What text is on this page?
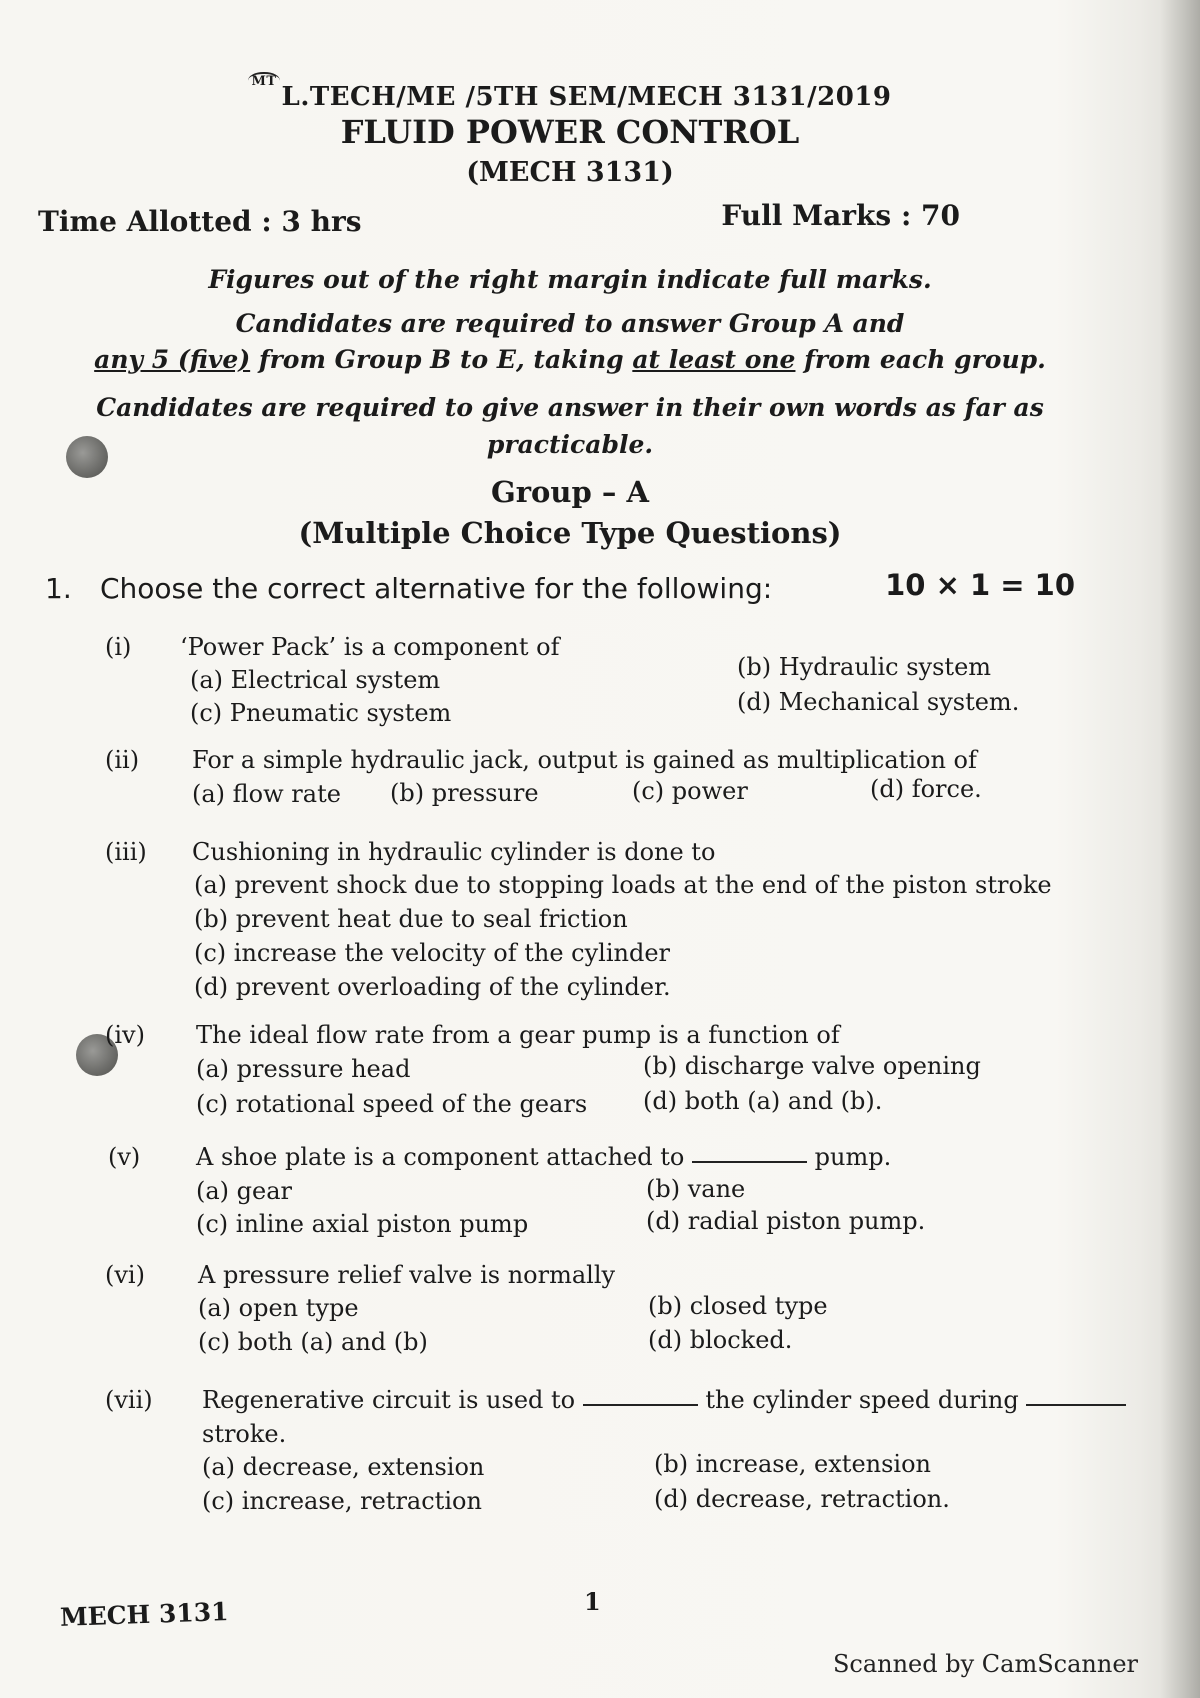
MTL.TECH/ME /5TH SEM/MECH 3131/2019
FLUID POWER CONTROL
(MECH 3131)
Time Allotted : 3 hrs	Full Marks : 70
Figures out of the right margin indicate full marks.
Candidates are required to answer Group A and
any 5 (five) from Group B to E, taking at least one from each group.
Candidates are required to give answer in their own words as far as
practicable.
Group – A
(Multiple Choice Type Questions)
1. Choose the correct alternative for the following:	10 × 1 = 10
(i) ‘Power Pack’ is a component of
(a) Electrical system	(b) Hydraulic system
(c) Pneumatic system	(d) Mechanical system.
(ii) For a simple hydraulic jack, output is gained as multiplication of
(a) flow rate (b) pressure	(c) power	(d) force.
(iii) Cushioning in hydraulic cylinder is done to
(a) prevent shock due to stopping loads at the end of the piston stroke
(b) prevent heat due to seal friction
(c) increase the velocity of the cylinder
(d) prevent overloading of the cylinder.
(iv) The ideal flow rate from a gear pump is a function of
(a) pressure head	(b) discharge valve opening
(c) rotational speed of the gears (d) both (a) and (b).
(v) A shoe plate is a component attached to	pump.
(a) gear	(b) vane
(c) inline axial piston pump	(d) radial piston pump.
(vi) A pressure relief valve is normally
(a) open type	(b) closed type
(c) both (a) and (b)	(d) blocked.
(vii) Regenerative circuit is used to	the cylinder speed during
stroke.
(a) decrease, extension	(b) increase, extension
(c) increase, retraction	(d) decrease, retraction.
MECH 3131	1
Scanned by CamScanner
